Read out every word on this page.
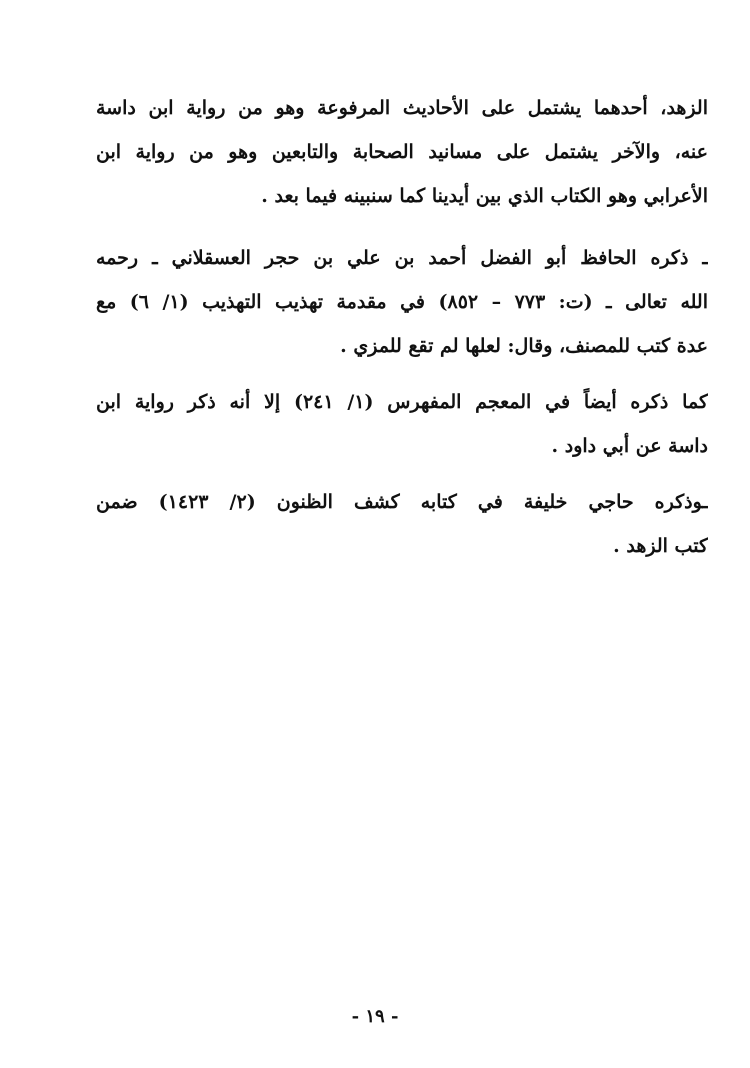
الزهد، أحدهما يشتمل على الأحاديث المرفوعة وهو من رواية ابن داسة
عنه، والآخر يشتمل على مسانيد الصحابة والتابعين وهو من رواية ابن
الأعرابي وهو الكتاب الذي بين أيدينا كما سنبينه فيما بعد .
ـ ذكره الحافظ أبو الفضل أحمد بن علي بن حجر العسقلاني ـ رحمه
الله تعالى ـ (ت: ٧٧٣ – ٨٥٢) في مقدمة تهذيب التهذيب (١/ ٦) مع
عدة كتب للمصنف، وقال: لعلها لم تقع للمزي .
كما ذكره أيضاً في المعجم المفهرس (١/ ٢٤١) إلا أنه ذكر رواية ابن
داسة عن أبي داود .
ـوذكره حاجي خليفة في كتابه كشف الظنون (٢/ ١٤٢٣) ضمن
كتب الزهد .
- ١٩ -
